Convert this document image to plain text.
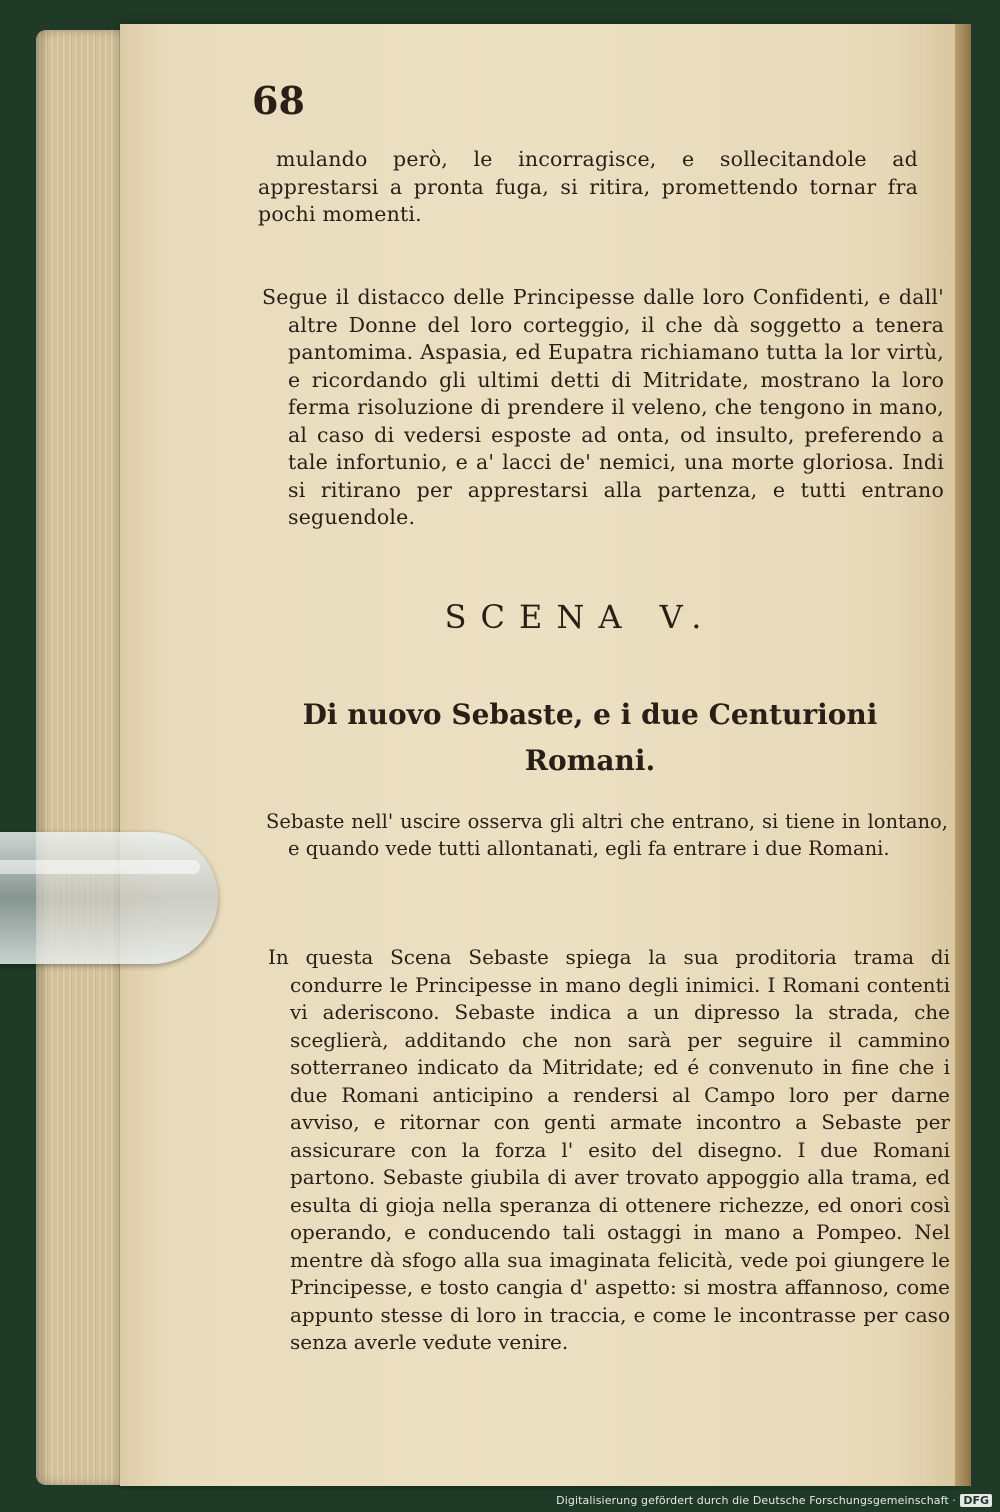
68
mulando però, le incorragisce, e sollecitandole ad apprestarsi a pronta fuga, si ritira, promettendo tornar fra pochi momenti.
Segue il distacco delle Principesse dalle loro Confidenti, e dall' altre Donne del loro corteggio, il che dà soggetto a tenera pantomima. Aspasia, ed Eupatra richiamano tutta la lor virtù, e ricordando gli ultimi detti di Mitridate, mostrano la loro ferma risoluzione di prendere il veleno, che tengono in mano, al caso di vedersi esposte ad onta, od insulto, preferendo a tale infortunio, e a' lacci de' nemici, una morte gloriosa. Indi si ritirano per apprestarsi alla partenza, e tutti entrano seguendole.
SCENA V.
Di nuovo Sebaste, e i due Centurioni Romani.
Sebaste nell' uscire osserva gli altri che entrano, si tiene in lontano, e quando vede tutti allontanati, egli fa entrare i due Romani.
In questa Scena Sebaste spiega la sua proditoria trama di condurre le Principesse in mano degli inimici. I Romani contenti vi aderiscono. Sebaste indica a un dipresso la strada, che sceglierà, additando che non sarà per seguire il cammino sotterraneo indicato da Mitridate; ed é convenuto in fine che i due Romani anticipino a rendersi al Campo loro per darne avviso, e ritornar con genti armate incontro a Sebaste per assicurare con la forza l' esito del disegno. I due Romani partono. Sebaste giubila di aver trovato appoggio alla trama, ed esulta di gioja nella speranza di ottenere richezze, ed onori così operando, e conducendo tali ostaggi in mano a Pompeo. Nel mentre dà sfogo alla sua imaginata felicità, vede poi giungere le Principesse, e tosto cangia d' aspetto: si mostra affannoso, come appunto stesse di loro in traccia, e come le incontrasse per caso senza averle vedute venire.
Digitalisierung gefördert durch die Deutsche Forschungsgemeinschaft · DFG
